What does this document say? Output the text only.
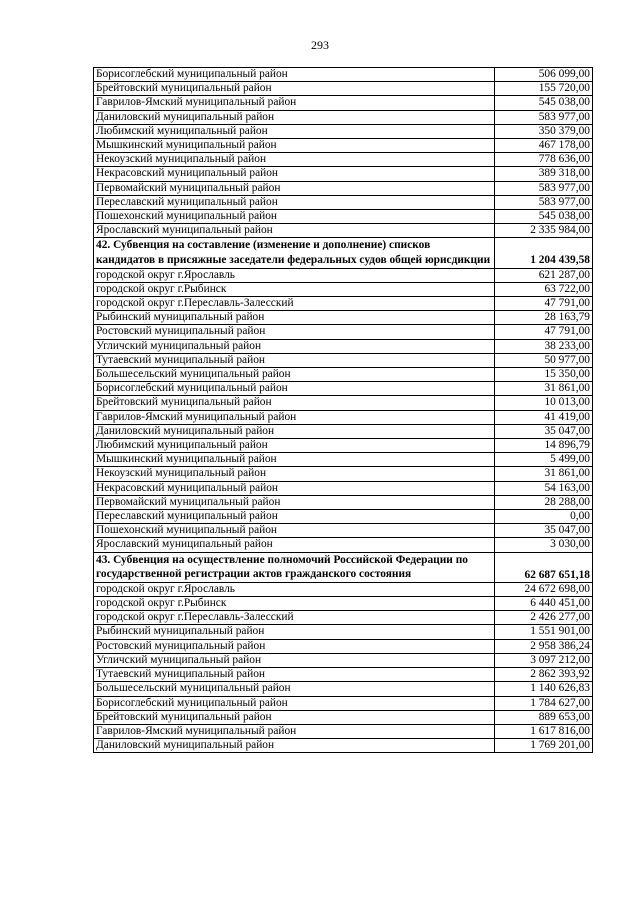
293
Борисоглебский муниципальный район	506 099,00
Брейтовский муниципальный район	155 720,00
Гаврилов-Ямский муниципальный район	545 038,00
Даниловский муниципальный район	583 977,00
Любимский муниципальный район	350 379,00
Мышкинский муниципальный район	467 178,00
Некоузский муниципальный район	778 636,00
Некрасовский муниципальный район	389 318,00
Первомайский муниципальный район	583 977,00
Переславский муниципальный район	583 977,00
Пошехонский муниципальный район	545 038,00
Ярославский муниципальный район	2 335 984,00
42. Субвенция на составление (изменение и дополнение) списков кандидатов в присяжные заседатели федеральных судов общей юрисдикции	1 204 439,58
городской округ г.Ярославль	621 287,00
городской округ г.Рыбинск	63 722,00
городской округ г.Переславль-Залесский	47 791,00
Рыбинский муниципальный район	28 163,79
Ростовский муниципальный район	47 791,00
Угличский муниципальный район	38 233,00
Тутаевский муниципальный район	50 977,00
Большесельский муниципальный район	15 350,00
Борисоглебский муниципальный район	31 861,00
Брейтовский муниципальный район	10 013,00
Гаврилов-Ямский муниципальный район	41 419,00
Даниловский муниципальный район	35 047,00
Любимский муниципальный район	14 896,79
Мышкинский муниципальный район	5 499,00
Некоузский муниципальный район	31 861,00
Некрасовский муниципальный район	54 163,00
Первомайский муниципальный район	28 288,00
Переславский муниципальный район	0,00
Пошехонский муниципальный район	35 047,00
Ярославский муниципальный район	3 030,00
43. Субвенция на осуществление полномочий Российской Федерации по государственной регистрации актов гражданского состояния	62 687 651,18
городской округ г.Ярославль	24 672 698,00
городской округ г.Рыбинск	6 440 451,00
городской округ г.Переславль-Залесский	2 426 277,00
Рыбинский муниципальный район	1 551 901,00
Ростовский муниципальный район	2 958 386,24
Угличский муниципальный район	3 097 212,00
Тутаевский муниципальный район	2 862 393,92
Большесельский муниципальный район	1 140 626,83
Борисоглебский муниципальный район	1 784 627,00
Брейтовский муниципальный район	889 653,00
Гаврилов-Ямский муниципальный район	1 617 816,00
Даниловский муниципальный район	1 769 201,00
